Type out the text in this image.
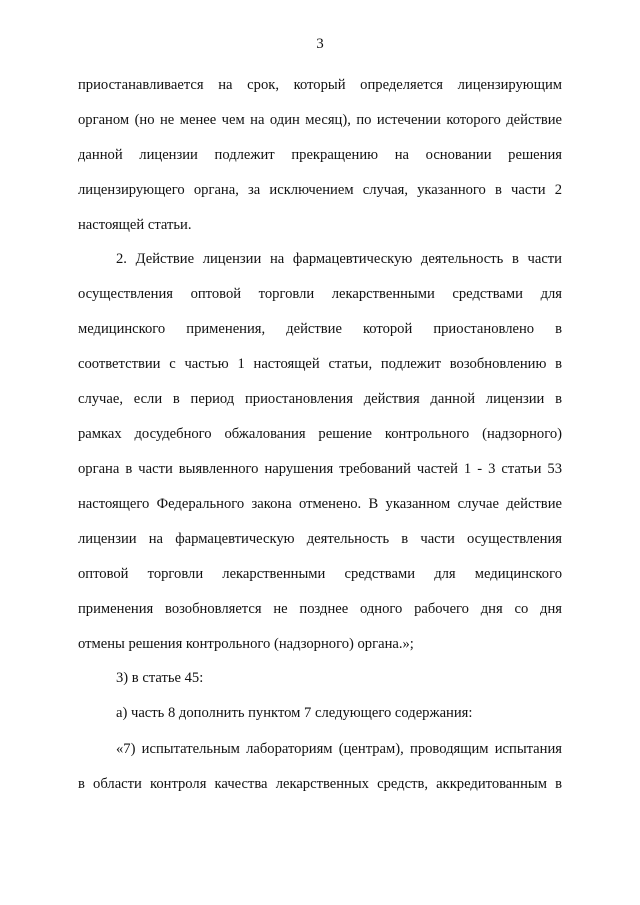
3
приостанавливается на срок, который определяется лицензирующим
органом (но не менее чем на один месяц), по истечении которого действие
данной лицензии подлежит прекращению на основании решения
лицензирующего органа, за исключением случая, указанного в части 2
настоящей статьи.
2. Действие лицензии на фармацевтическую деятельность в части
осуществления оптовой торговли лекарственными средствами для
медицинского применения, действие которой приостановлено в
соответствии с частью 1 настоящей статьи, подлежит возобновлению в
случае, если в период приостановления действия данной лицензии в
рамках досудебного обжалования решение контрольного (надзорного)
органа в части выявленного нарушения требований частей 1 - 3 статьи 53
настоящего Федерального закона отменено. В указанном случае действие
лицензии на фармацевтическую деятельность в части осуществления
оптовой торговли лекарственными средствами для медицинского
применения возобновляется не позднее одного рабочего дня со дня
отмены решения контрольного (надзорного) органа.»;
3) в статье 45:
а) часть 8 дополнить пунктом 7 следующего содержания:
«7) испытательным лабораториям (центрам), проводящим испытания
в области контроля качества лекарственных средств, аккредитованным в
